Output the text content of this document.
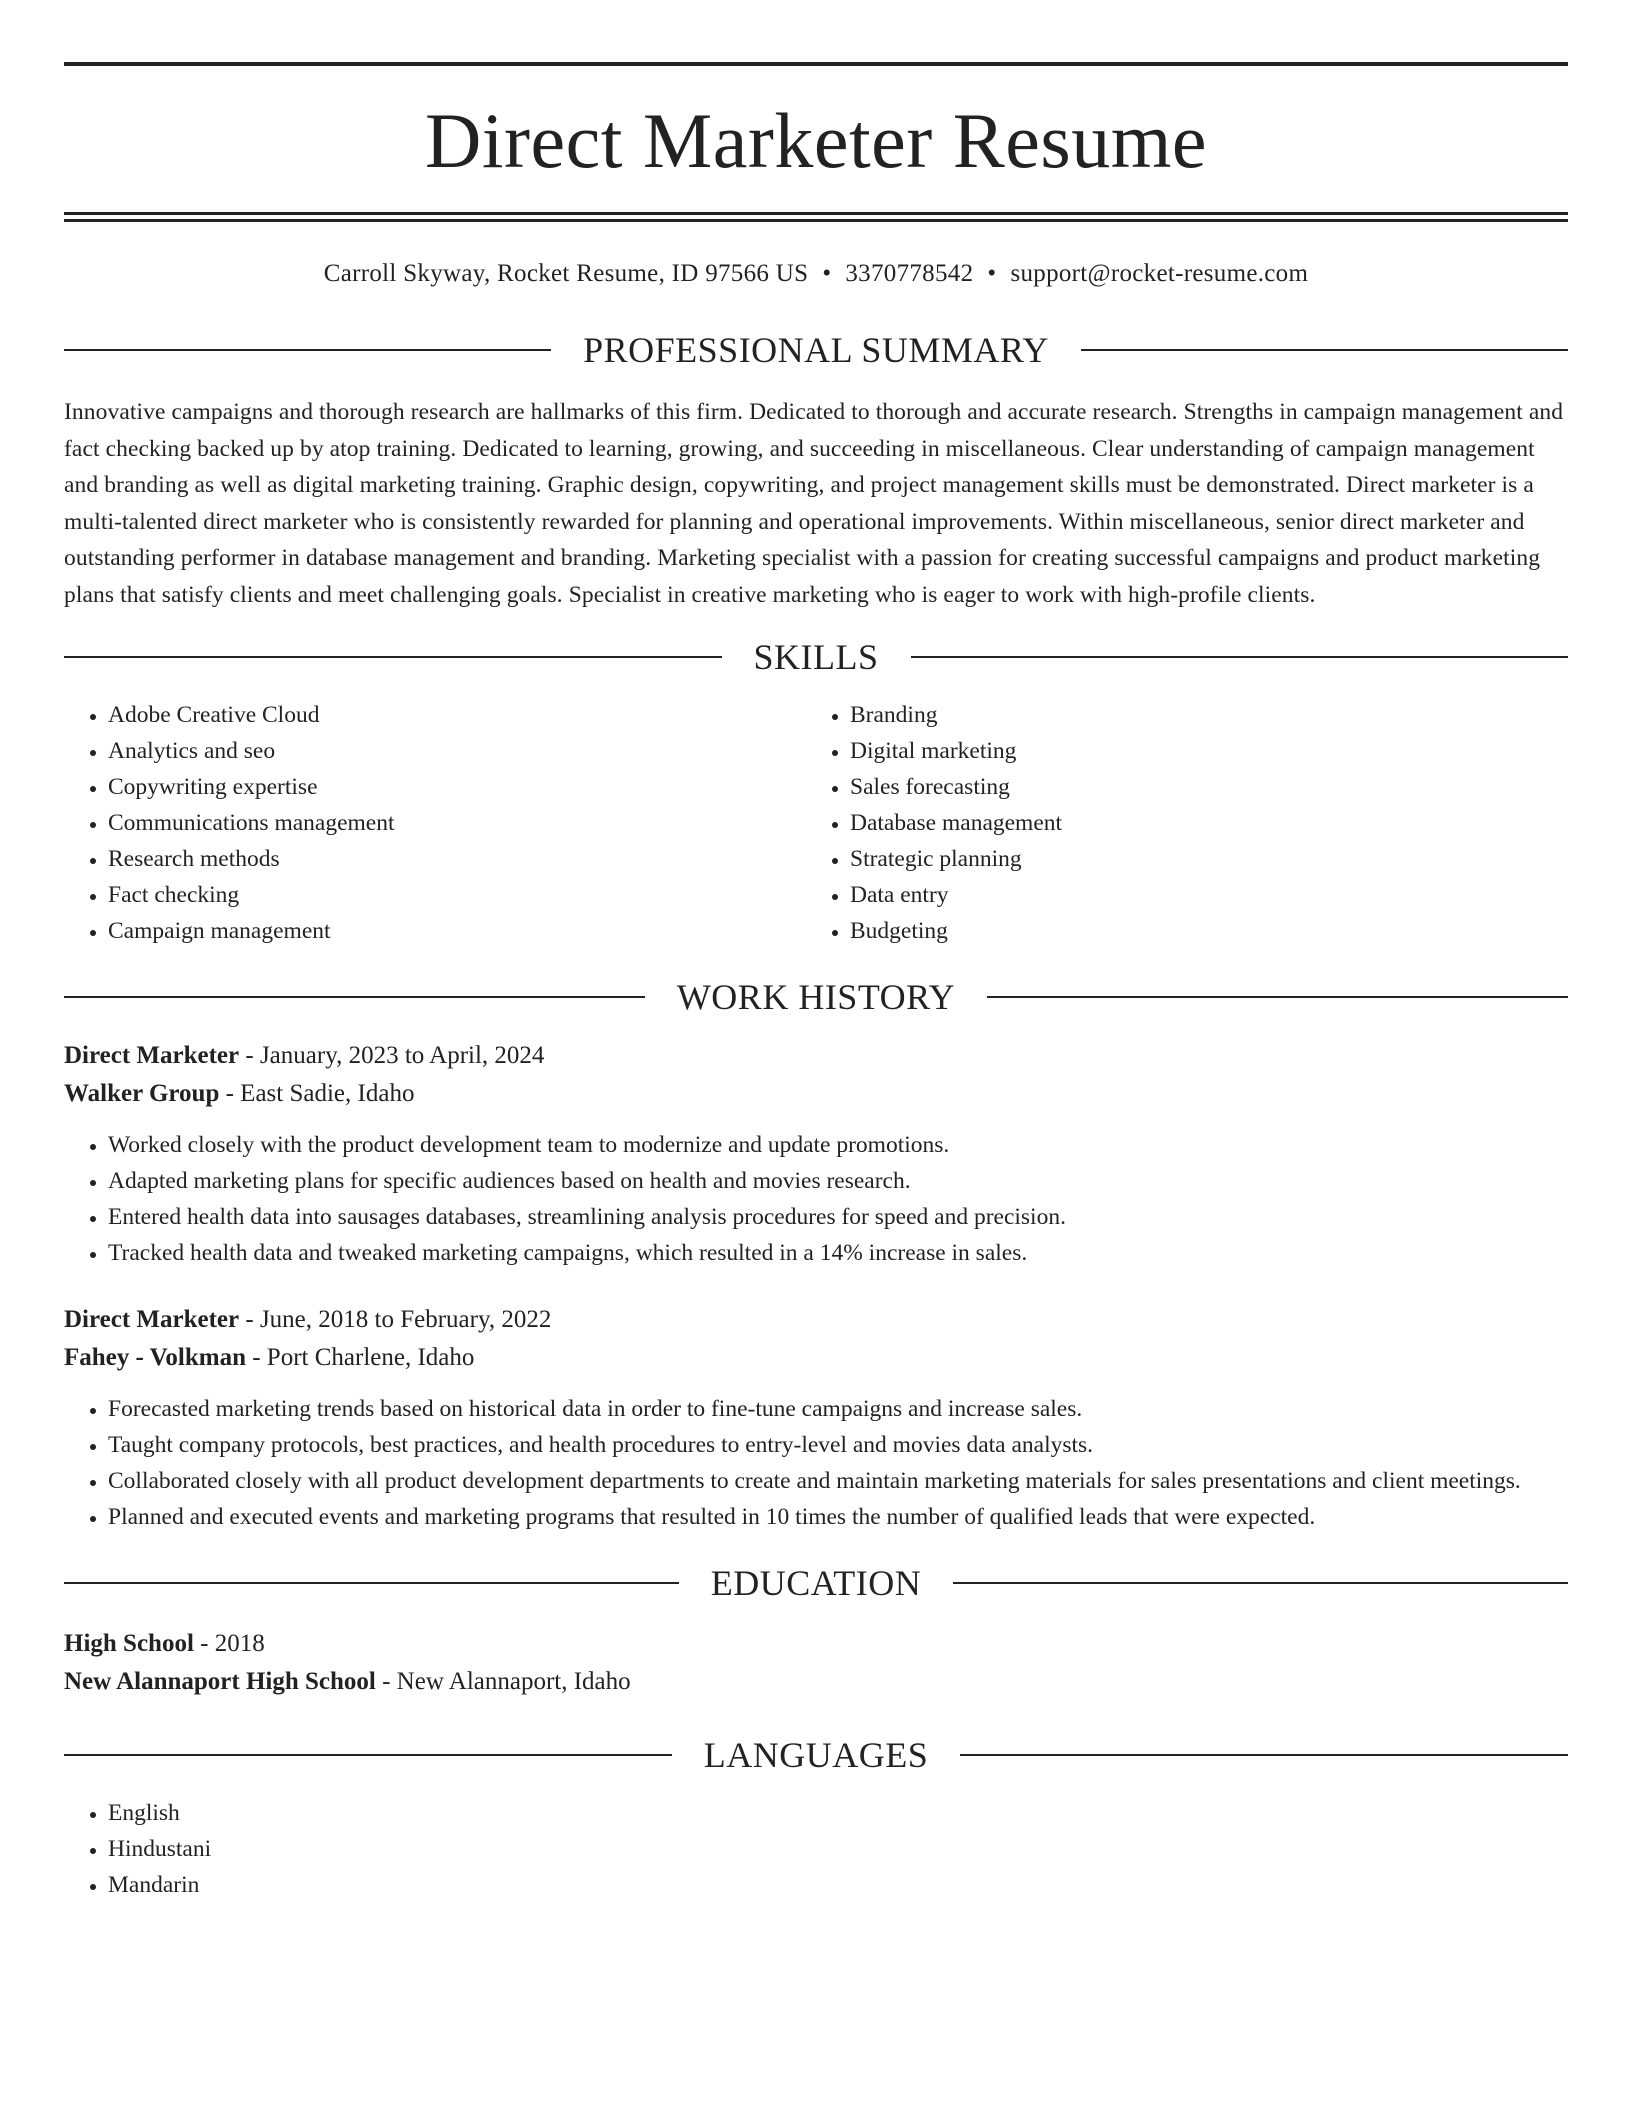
Direct Marketer Resume
Carroll Skyway, Rocket Resume, ID 97566 US • 3370778542 • support@rocket-resume.com
PROFESSIONAL SUMMARY

Innovative campaigns and thorough research are hallmarks of this firm. Dedicated to thorough and accurate research. Strengths in campaign management and fact checking backed up by atop training. Dedicated to learning, growing, and succeeding in miscellaneous. Clear understanding of campaign management and branding as well as digital marketing training. Graphic design, copywriting, and project management skills must be demonstrated. Direct marketer is a multi-talented direct marketer who is consistently rewarded for planning and operational improvements. Within miscellaneous, senior direct marketer and outstanding performer in database management and branding. Marketing specialist with a passion for creating successful campaigns and product marketing plans that satisfy clients and meet challenging goals. Specialist in creative marketing who is eager to work with high-profile clients.

SKILLS
• Adobe Creative Cloud
• Analytics and seo
• Copywriting expertise
• Communications management
• Research methods
• Fact checking
• Campaign management
• Branding
• Digital marketing
• Sales forecasting
• Database management
• Strategic planning
• Data entry
• Budgeting
WORK HISTORY
Direct Marketer - January, 2023 to April, 2024
Walker Group - East Sadie, Idaho
• Worked closely with the product development team to modernize and update promotions.
• Adapted marketing plans for specific audiences based on health and movies research.
• Entered health data into sausages databases, streamlining analysis procedures for speed and precision.
• Tracked health data and tweaked marketing campaigns, which resulted in a 14% increase in sales.
Direct Marketer - June, 2018 to February, 2022
Fahey - Volkman - Port Charlene, Idaho
• Forecasted marketing trends based on historical data in order to fine-tune campaigns and increase sales.
• Taught company protocols, best practices, and health procedures to entry-level and movies data analysts.
• Collaborated closely with all product development departments to create and maintain marketing materials for sales presentations and client meetings.
• Planned and executed events and marketing programs that resulted in 10 times the number of qualified leads that were expected.
EDUCATION
High School - 2018
New Alannaport High School - New Alannaport, Idaho
LANGUAGES
• English
• Hindustani
• Mandarin
